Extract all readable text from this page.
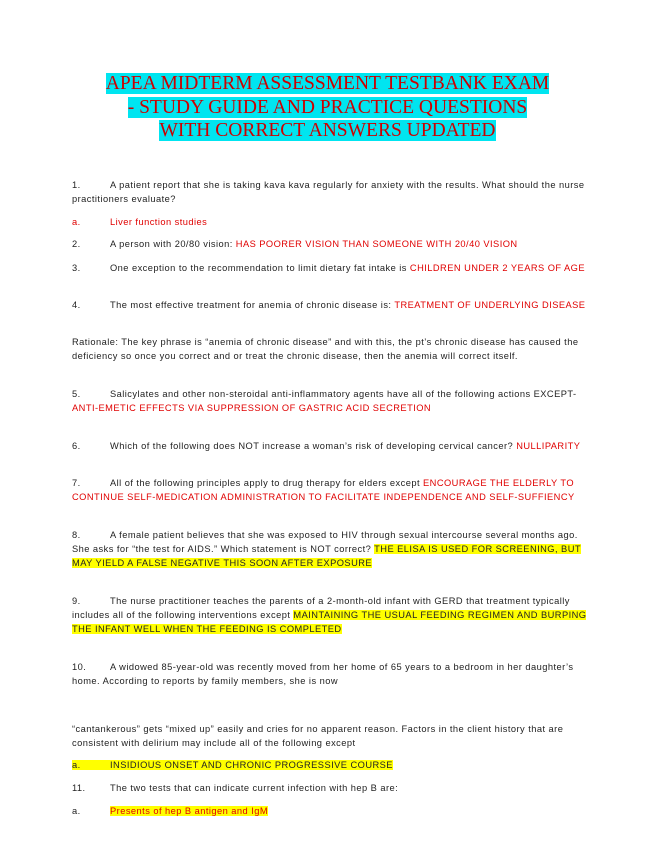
APEA MIDTERM ASSESSMENT TESTBANK EXAM
- STUDY GUIDE AND PRACTICE QUESTIONS
WITH CORRECT ANSWERS UPDATED
1.	A patient report that she is taking kava kava regularly for anxiety with the results. What should the nurse practitioners evaluate?
a.	Liver function studies
2.	A person with 20/80 vision: HAS POORER VISION THAN SOMEONE WITH 20/40 VISION
3.	One exception to the recommendation to limit dietary fat intake is CHILDREN UNDER 2 YEARS OF AGE
4.	The most effective treatment for anemia of chronic disease is: TREATMENT OF UNDERLYING DISEASE
Rationale: The key phrase is “anemia of chronic disease” and with this, the pt’s chronic disease has caused the deficiency so once you correct and or treat the chronic disease, then the anemia will correct itself.
5.	Salicylates and other non-steroidal anti-inflammatory agents have all of the following actions EXCEPT- ANTI-EMETIC EFFECTS VIA SUPPRESSION OF GASTRIC ACID SECRETION
6.	Which of the following does NOT increase a woman’s risk of developing cervical cancer? NULLIPARITY
7.	All of the following principles apply to drug therapy for elders except ENCOURAGE THE ELDERLY TO CONTINUE SELF-MEDICATION ADMINISTRATION TO FACILITATE INDEPENDENCE AND SELF-SUFFIENCY
8.	A female patient believes that she was exposed to HIV through sexual intercourse several months ago. She asks for “the test for AIDS.” Which statement is NOT correct? THE ELISA IS USED FOR SCREENING, BUT MAY YIELD A FALSE NEGATIVE THIS SOON AFTER EXPOSURE
9.	The nurse practitioner teaches the parents of a 2-month-old infant with GERD that treatment typically includes all of the following interventions except MAINTAINING THE USUAL FEEDING REGIMEN AND BURPING THE INFANT WELL WHEN THE FEEDING IS COMPLETED
10.	A widowed 85-year-old was recently moved from her home of 65 years to a bedroom in her daughter’s home. According to reports by family members, she is now
“cantankerous” gets “mixed up” easily and cries for no apparent reason. Factors in the client history that are consistent with delirium may include all of the following except
a.	INSIDIOUS ONSET AND CHRONIC PROGRESSIVE COURSE
11.	The two tests that can indicate current infection with hep B are:
a.	Presents of hep B antigen and IgM
